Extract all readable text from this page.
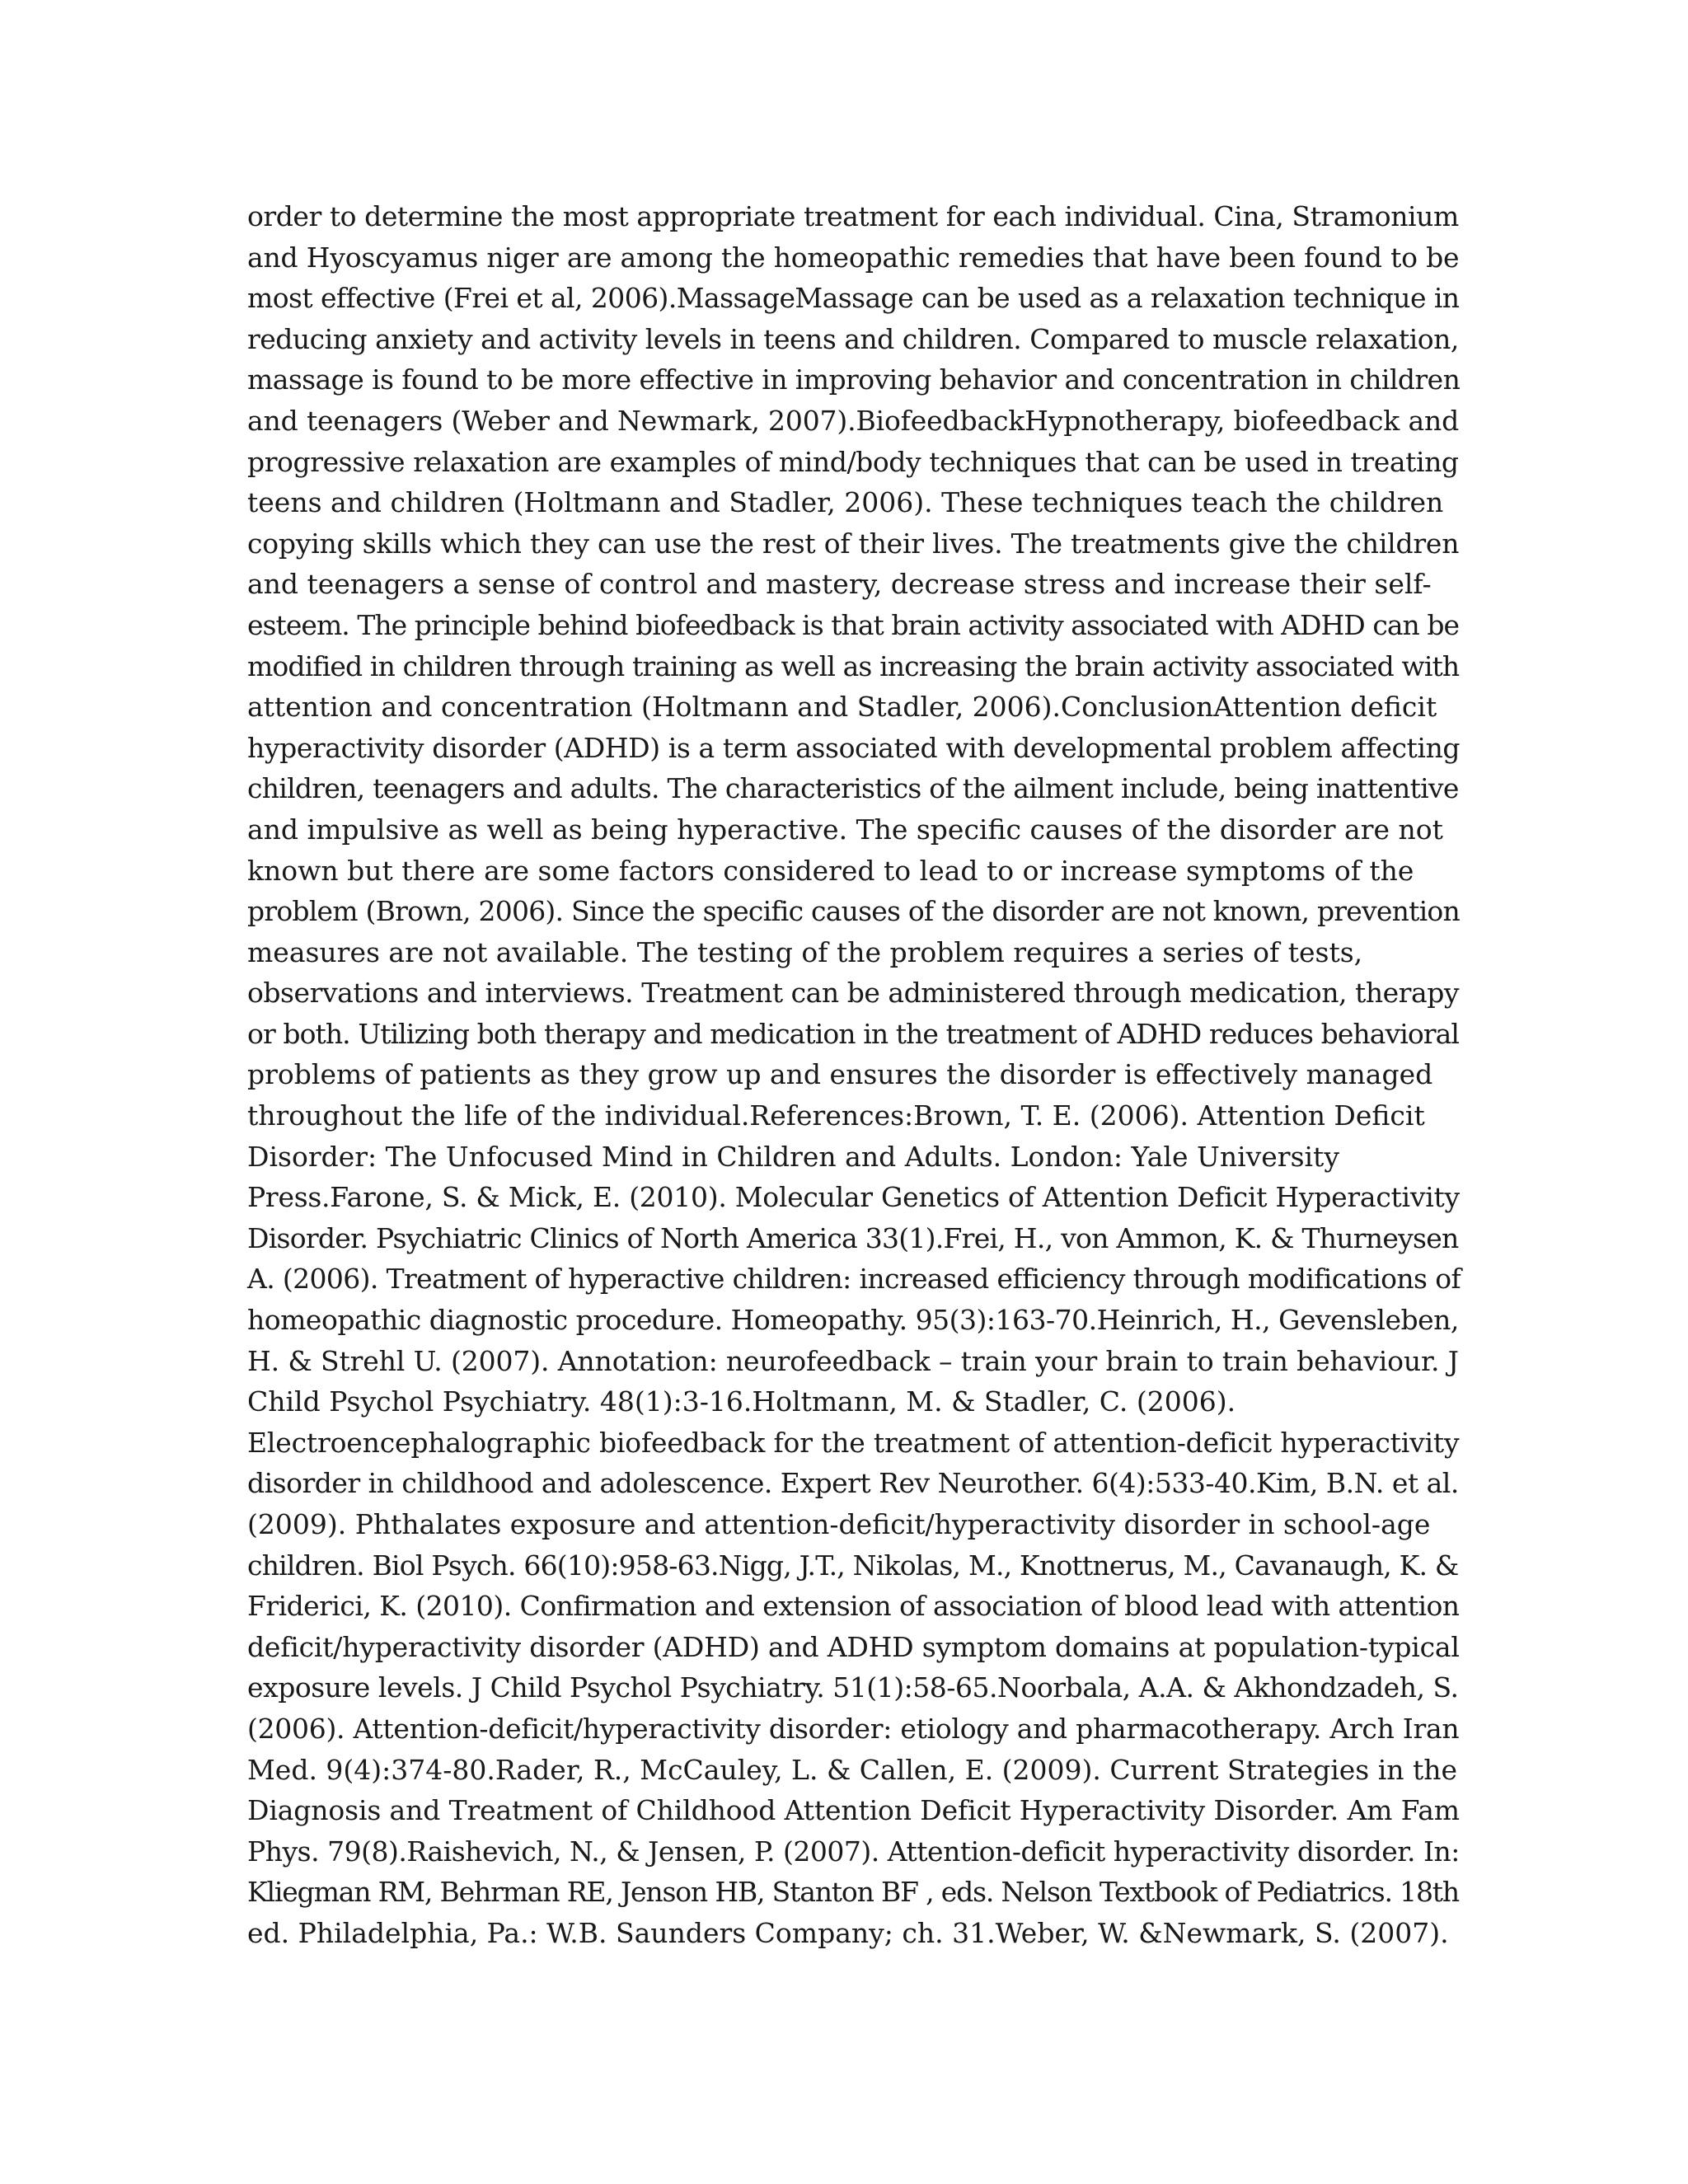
order to determine the most appropriate treatment for each individual. Cina, Stramonium
and Hyoscyamus niger are among the homeopathic remedies that have been found to be
most effective (Frei et al, 2006).MassageMassage can be used as a relaxation technique in
reducing anxiety and activity levels in teens and children. Compared to muscle relaxation,
massage is found to be more effective in improving behavior and concentration in children
and teenagers (Weber and Newmark, 2007).BiofeedbackHypnotherapy, biofeedback and
progressive relaxation are examples of mind/body techniques that can be used in treating
teens and children (Holtmann and Stadler, 2006). These techniques teach the children
copying skills which they can use the rest of their lives. The treatments give the children
and teenagers a sense of control and mastery, decrease stress and increase their self-
esteem. The principle behind biofeedback is that brain activity associated with ADHD can be
modified in children through training as well as increasing the brain activity associated with
attention and concentration (Holtmann and Stadler, 2006).ConclusionAttention deficit
hyperactivity disorder (ADHD) is a term associated with developmental problem affecting
children, teenagers and adults. The characteristics of the ailment include, being inattentive
and impulsive as well as being hyperactive. The specific causes of the disorder are not
known but there are some factors considered to lead to or increase symptoms of the
problem (Brown, 2006). Since the specific causes of the disorder are not known, prevention
measures are not available. The testing of the problem requires a series of tests,
observations and interviews. Treatment can be administered through medication, therapy
or both. Utilizing both therapy and medication in the treatment of ADHD reduces behavioral
problems of patients as they grow up and ensures the disorder is effectively managed
throughout the life of the individual.References:Brown, T. E. (2006). Attention Deficit
Disorder: The Unfocused Mind in Children and Adults. London: Yale University
Press.Farone, S. & Mick, E. (2010). Molecular Genetics of Attention Deficit Hyperactivity
Disorder. Psychiatric Clinics of North America 33(1).Frei, H., von Ammon, K. & Thurneysen
A. (2006). Treatment of hyperactive children: increased efficiency through modifications of
homeopathic diagnostic procedure. Homeopathy. 95(3):163-70.Heinrich, H., Gevensleben,
H. & Strehl U. (2007). Annotation: neurofeedback – train your brain to train behaviour. J
Child Psychol Psychiatry. 48(1):3-16.Holtmann, M. & Stadler, C. (2006).
Electroencephalographic biofeedback for the treatment of attention-deficit hyperactivity
disorder in childhood and adolescence. Expert Rev Neurother. 6(4):533-40.Kim, B.N. et al.
(2009). Phthalates exposure and attention-deficit/hyperactivity disorder in school-age
children. Biol Psych. 66(10):958-63.Nigg, J.T., Nikolas, M., Knottnerus, M., Cavanaugh, K. &
Friderici, K. (2010). Confirmation and extension of association of blood lead with attention
deficit/hyperactivity disorder (ADHD) and ADHD symptom domains at population-typical
exposure levels. J Child Psychol Psychiatry. 51(1):58-65.Noorbala, A.A. & Akhondzadeh, S.
(2006). Attention-deficit/hyperactivity disorder: etiology and pharmacotherapy. Arch Iran
Med. 9(4):374-80.Rader, R., McCauley, L. & Callen, E. (2009). Current Strategies in the
Diagnosis and Treatment of Childhood Attention Deficit Hyperactivity Disorder. Am Fam
Phys. 79(8).Raishevich, N., & Jensen, P. (2007). Attention-deficit hyperactivity disorder. In:
Kliegman RM, Behrman RE, Jenson HB, Stanton BF , eds. Nelson Textbook of Pediatrics. 18th
ed. Philadelphia, Pa.: W.B. Saunders Company; ch. 31.Weber, W. &Newmark, S. (2007).
